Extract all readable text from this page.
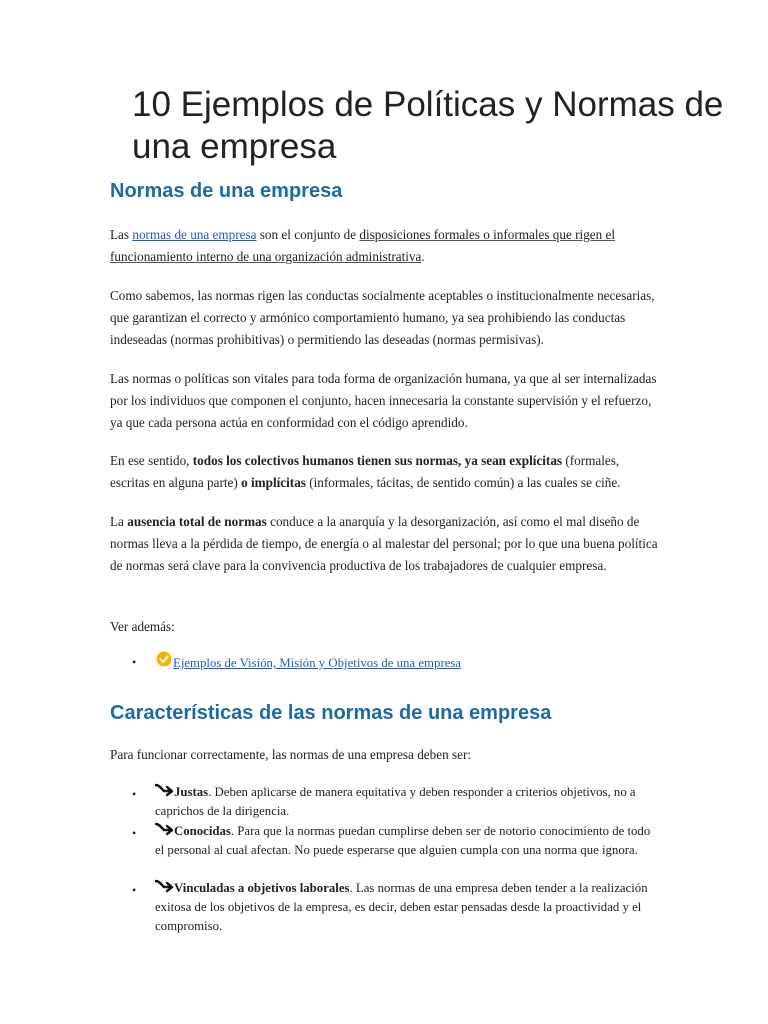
10 Ejemplos de Políticas y Normas de una empresa
Normas de una empresa

Las normas de una empresa son el conjunto de disposiciones formales o informales que rigen el funcionamiento interno de una organización administrativa.

Como sabemos, las normas rigen las conductas socialmente aceptables o institucionalmente necesarias, que garantizan el correcto y armónico comportamiento humano, ya sea prohibiendo las conductas indeseadas (normas prohibitivas) o permitiendo las deseadas (normas permisivas).

Las normas o políticas son vitales para toda forma de organización humana, ya que al ser internalizadas por los individuos que componen el conjunto, hacen innecesaria la constante supervisión y el refuerzo, ya que cada persona actúa en conformidad con el código aprendido.

En ese sentido, todos los colectivos humanos tienen sus normas, ya sean explícitas (formales, escritas en alguna parte) o implícitas (informales, tácitas, de sentido común) a las cuales se ciñe.

La ausencia total de normas conduce a la anarquía y la desorganización, así como el mal diseño de normas lleva a la pérdida de tiempo, de energía o al malestar del personal; por lo que una buena política de normas será clave para la convivencia productiva de los trabajadores de cualquier empresa.

Ver además:

•	Ejemplos de Visión, Misión y Objetivos de una empresa
Características de las normas de una empresa

Para funcionar correctamente, las normas de una empresa deben ser:

•	Justas. Deben aplicarse de manera equitativa y deben responder a criterios objetivos, no a caprichos de la dirigencia.

•	Conocidas. Para que la normas puedan cumplirse deben ser de notorio conocimiento de todo el personal al cual afectan. No puede esperarse que alguien cumpla con una norma que ignora.

•	Vinculadas a objetivos laborales. Las normas de una empresa deben tender a la realización exitosa de los objetivos de la empresa, es decir, deben estar pensadas desde la proactividad y el compromiso.
